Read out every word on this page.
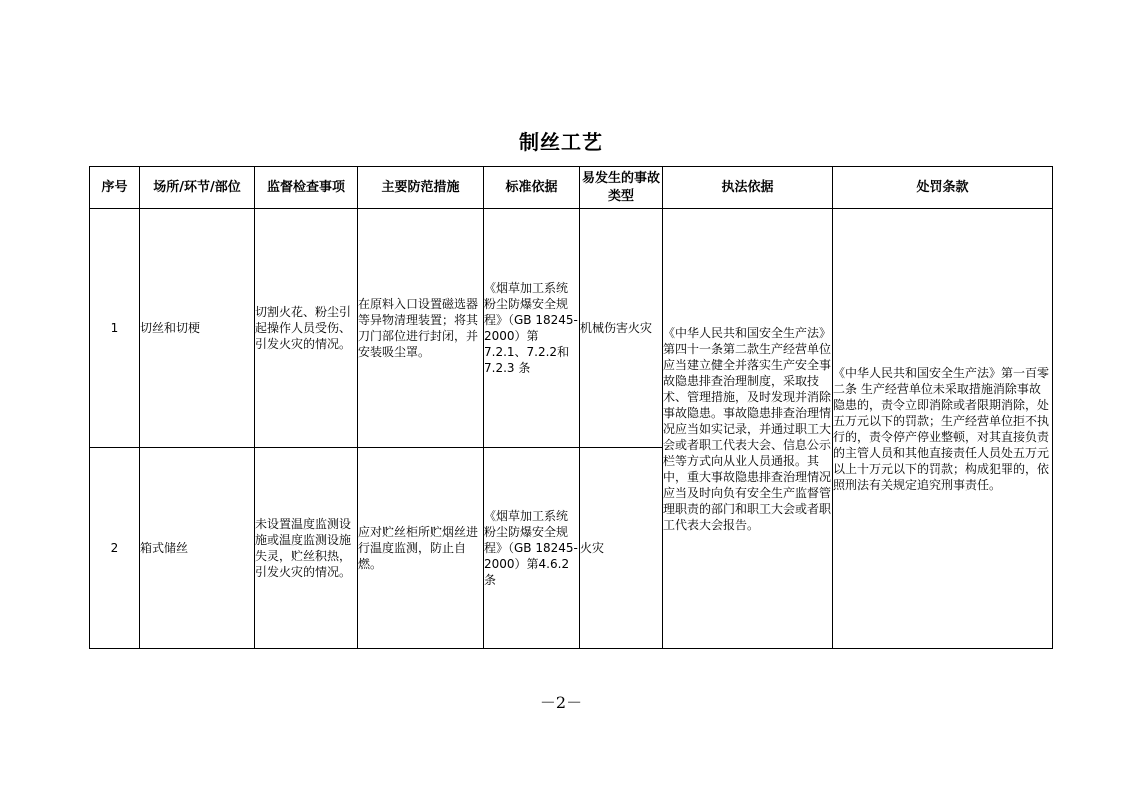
制丝工艺
序号	场所/环节/部位	监督检查事项	主要防范措施	标准依据	易发生的事故类型	执法依据	处罚条款
1	切丝和切梗	切割火花、粉尘引起操作人员受伤、引发火灾的情况。	在原料入口设置磁选器等异物清理装置；将其刀门部位进行封闭，并安装吸尘罩。	《烟草加工系统粉尘防爆安全规程》（GB 18245-2000）第7.2.1、7.2.2和 7.2.3 条	机械伤害火灾	《中华人民共和国安全生产法》第四十一条第二款生产经营单位应当建立健全并落实生产安全事故隐患排查治理制度，采取技术、管理措施，及时发现并消除事故隐患。事故隐患排查治理情况应当如实记录，并通过职工大会或者职工代表大会、信息公示栏等方式向从业人员通报。其中，重大事故隐患排查治理情况应当及时向负有安全生产监督管理职责的部门和职工大会或者职工代表大会报告。	《中华人民共和国安全生产法》第一百零二条 生产经营单位未采取措施消除事故隐患的，责令立即消除或者限期消除，处五万元以下的罚款；生产经营单位拒不执行的，责令停产停业整顿，对其直接负责的主管人员和其他直接责任人员处五万元以上十万元以下的罚款；构成犯罪的，依照刑法有关规定追究刑事责任。
2	箱式储丝	未设置温度监测设施或温度监测设施失灵，贮丝积热，引发火灾的情况。	应对贮丝柜所贮烟丝进行温度监测，防止自燃。	《烟草加工系统粉尘防爆安全规程》（GB 18245-2000）第4.6.2 条	火灾		
－2－
